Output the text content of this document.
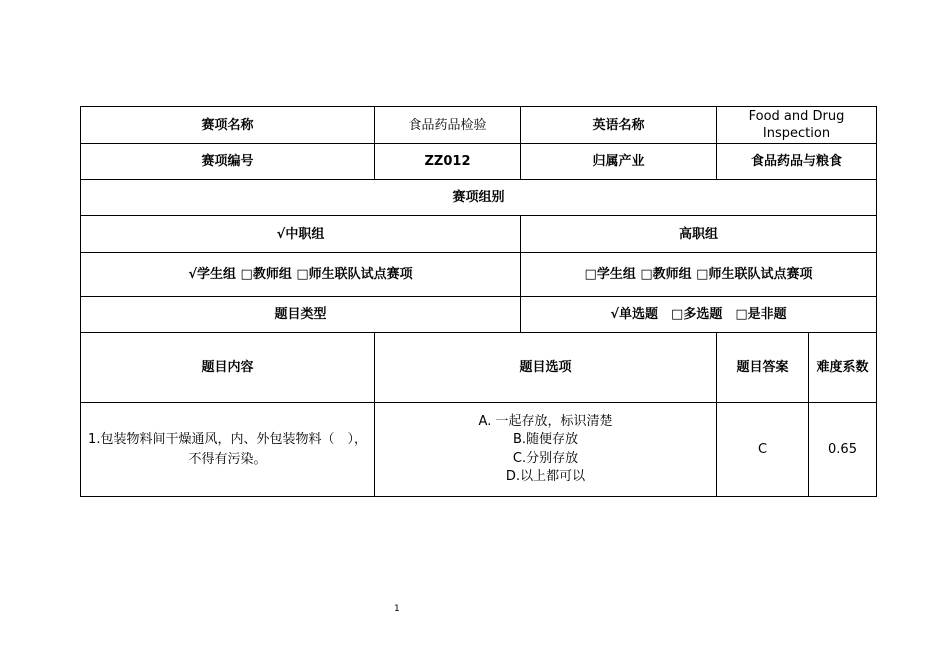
赛项名称	食品药品检验	英语名称	Food and Drug
Inspection	
赛项编号	ZZ012	归属产业	食品药品与粮食	
赛项组别				
√中职组		高职组		
√学生组 □教师组 □师生联队试点赛项		□学生组 □教师组 □师生联队试点赛项		
题目类型		√单选题　□多选题　□是非题		
题目内容	题目选项		题目答案	难度系数
1.包装物料间干燥通风，内、外包装物料（　），不得有污染。	A. 一起存放，标识清楚
B.随便存放
C.分别存放
D.以上都可以		C	0.65
1
